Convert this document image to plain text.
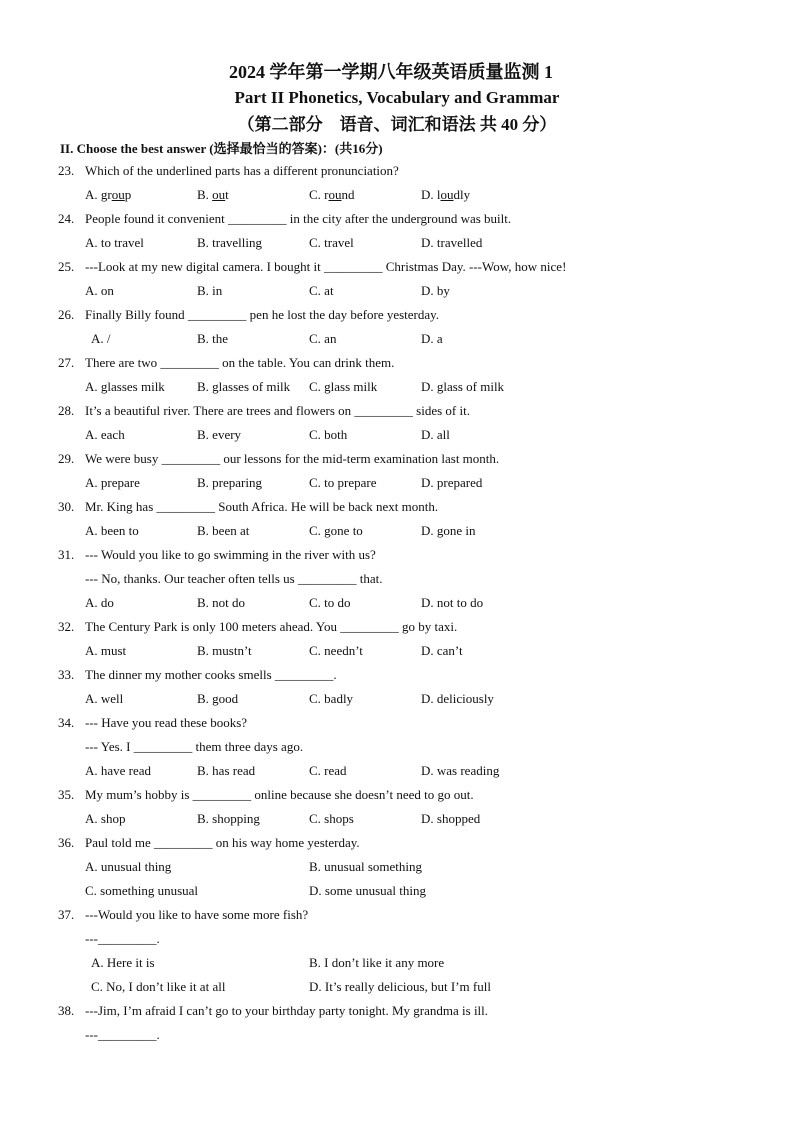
2024 学年第一学期八年级英语质量监测 1
Part II Phonetics, Vocabulary and Grammar
（第二部分　语音、词汇和语法 共 40 分）
II. Choose the best answer (选择最恰当的答案)：(共16分)
23. Which of the underlined parts has a different pronunciation?
A. group	B. out	C. round	D. loudly
24. People found it convenient _________ in the city after the underground was built.
A. to travel	B. travelling	C. travel	D. travelled
25. ---Look at my new digital camera. I bought it _________ Christmas Day. ---Wow, how nice!
A. on	B. in	C. at	D. by
26. Finally Billy found _________ pen he lost the day before yesterday.
A. /	B. the	C. an	D. a
27. There are two _________ on the table. You can drink them.
A. glasses milk B. glasses of milk C. glass milk	D. glass of milk
28. It’s a beautiful river. There are trees and flowers on _________ sides of it.
A. each	B. every	C. both	D. all
29. We were busy _________ our lessons for the mid-term examination last month.
A. prepare	B. preparing	C. to prepare	D. prepared
30. Mr. King has _________ South Africa. He will be back next month.
A. been to	B. been at	C. gone to	D. gone in
31. --- Would you like to go swimming in the river with us?
--- No, thanks. Our teacher often tells us _________ that.
A. do	B. not do	C. to do	D. not to do
32. The Century Park is only 100 meters ahead. You _________ go by taxi.
A. must	B. mustn’t	C. needn’t	D. can’t
33. The dinner my mother cooks smells _________.
A. well	B. good	C. badly	D. deliciously
34. --- Have you read these books?
--- Yes. I _________ them three days ago.
A. have read	B. has read	C. read	D. was reading
35. My mum’s hobby is _________ online because she doesn’t need to go out.
A. shop	B. shopping	C. shops	D. shopped
36. Paul told me _________ on his way home yesterday.
A. unusual thing	B. unusual something
C. something unusual	D. some unusual thing
37. ---Would you like to have some more fish?
---_________.
A. Here it is	B. I don’t like it any more
C. No, I don’t like it at all	D. It’s really delicious, but I’m full
38. ---Jim, I’m afraid I can’t go to your birthday party tonight. My grandma is ill.
---_________.
